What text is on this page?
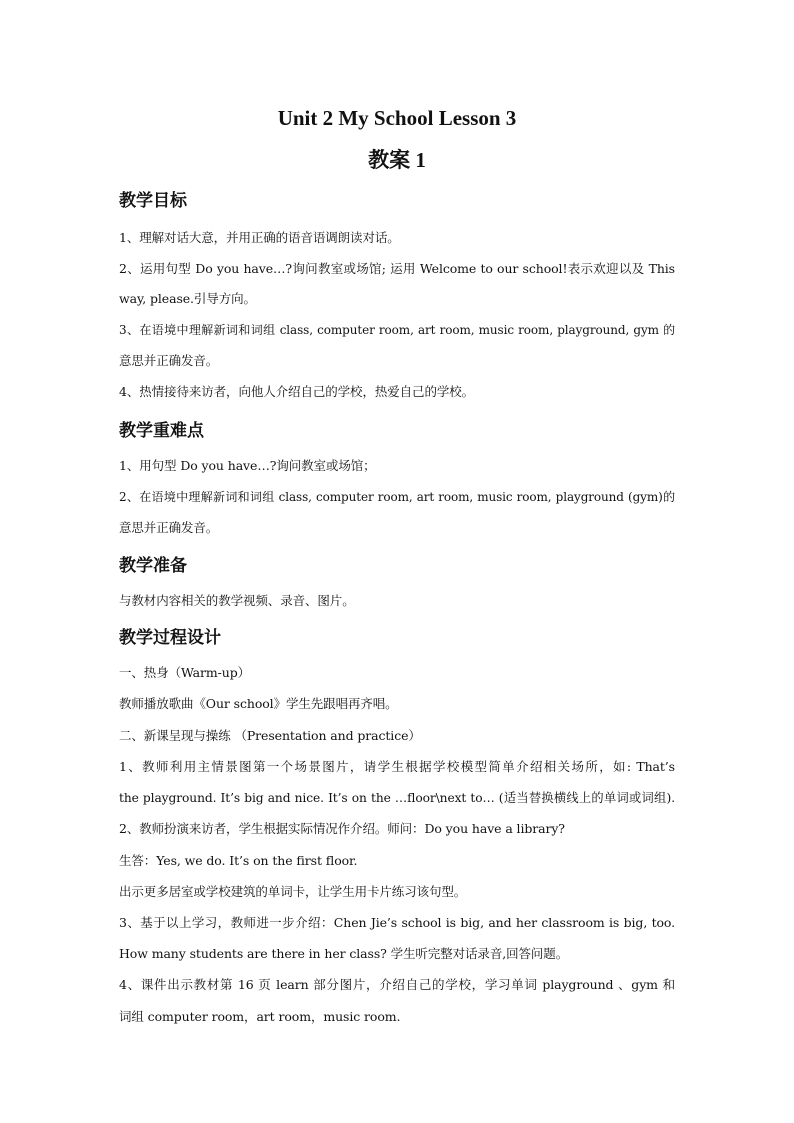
Unit 2 My School Lesson 3
教案 1
教学目标
1、理解对话大意，并用正确的语音语调朗读对话。
2、运用句型 Do you have…?询问教室或场馆; 运用 Welcome to our school!表示欢迎以及 This
way, please.引导方向。
3、在语境中理解新词和词组 class, computer room, art room, music room, playground, gym 的
意思并正确发音。
4、热情接待来访者，向他人介绍自己的学校，热爱自己的学校。
教学重难点
1、用句型 Do you have…?询问教室或场馆；
2、在语境中理解新词和词组 class, computer room, art room, music room, playground (gym)的
意思并正确发音。
教学准备
与教材内容相关的教学视频、录音、图片。
教学过程设计
一、热身（Warm-up）
教师播放歌曲《Our school》学生先跟唱再齐唱。
二、新课呈现与操练 （Presentation and practice）
1、教师利用主情景图第一个场景图片，请学生根据学校模型简单介绍相关场所，如: That’s
the playground. It’s big and nice. It’s on the …floor\next to… (适当替换横线上的单词或词组).
2、教师扮演来访者，学生根据实际情况作介绍。师问：Do you have a library?
生答：Yes, we do. It’s on the first floor.
出示更多居室或学校建筑的单词卡，让学生用卡片练习该句型。
3、基于以上学习，教师进一步介绍：Chen Jie’s school is big, and her classroom is big, too.
How many students are there in her class? 学生听完整对话录音,回答问题。
4、课件出示教材第 16 页 learn 部分图片，介绍自己的学校，学习单词 playground 、gym 和
词组 computer room，art room，music room.
